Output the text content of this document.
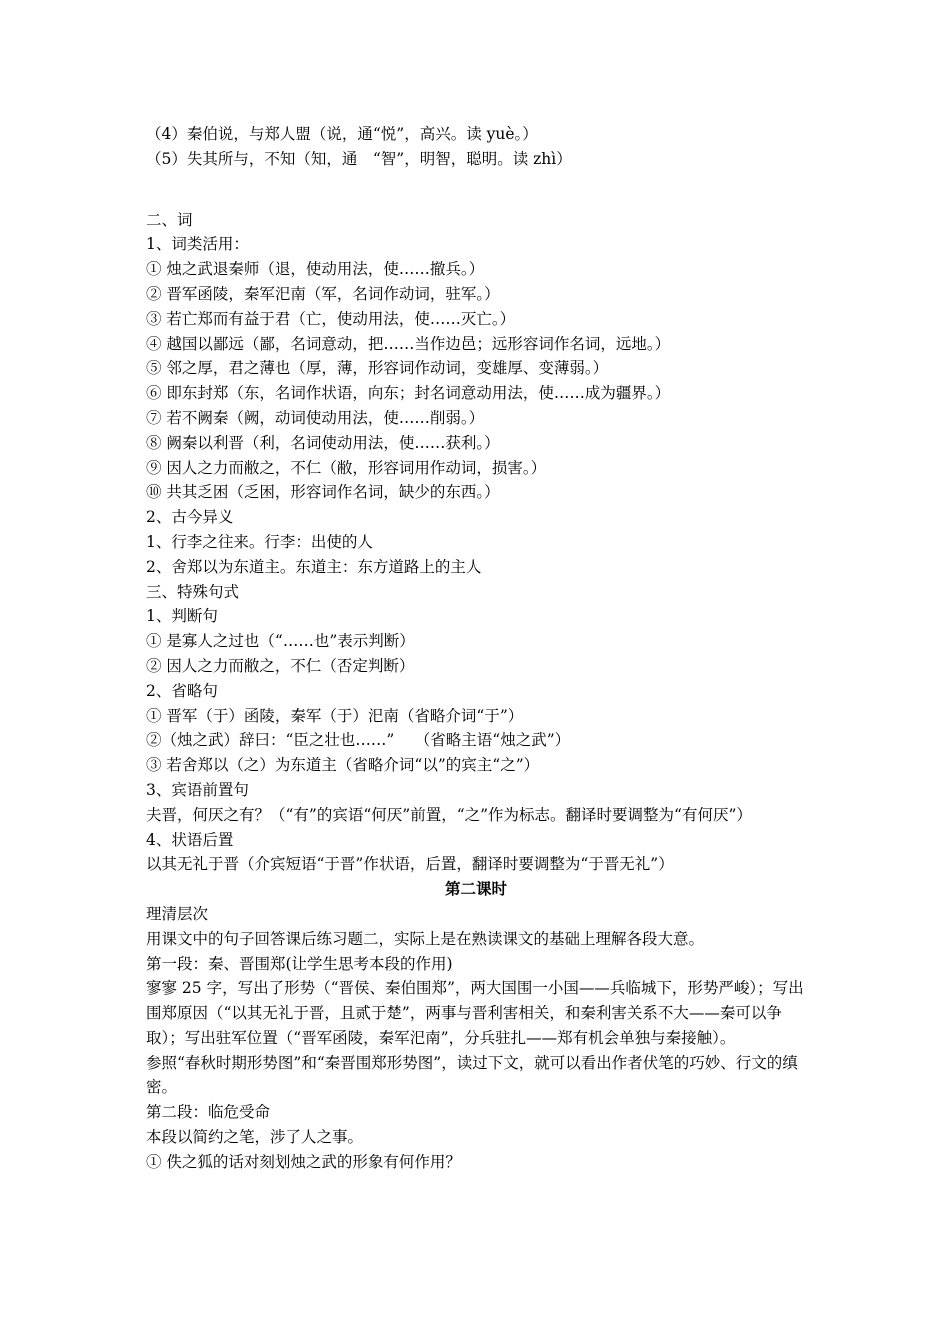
（4）秦伯说，与郑人盟（说，通“悦”，高兴。读 yuè。）
（5）失其所与，不知（知，通　“智”，明智，聪明。读 zhì）
二、词
1、词类活用：
① 烛之武退秦师（退，使动用法，使……撤兵。）
② 晋军函陵，秦军汜南（军，名词作动词，驻军。）
③ 若亡郑而有益于君（亡，使动用法，使……灭亡。）
④ 越国以鄙远（鄙，名词意动，把……当作边邑；远形容词作名词，远地。）
⑤ 邻之厚，君之薄也（厚，薄，形容词作动词，变雄厚、变薄弱。）
⑥ 即东封郑（东，名词作状语，向东；封名词意动用法，使……成为疆界。）
⑦ 若不阙秦（阙，动词使动用法，使……削弱。）
⑧ 阙秦以利晋（利，名词使动用法，使……获利。）
⑨ 因人之力而敝之，不仁（敝，形容词用作动词，损害。）
⑩ 共其乏困（乏困，形容词作名词，缺少的东西。）
2、古今异义
1、行李之往来。行李：出使的人
2、舍郑以为东道主。东道主：东方道路上的主人
三、特殊句式
1、判断句
① 是寡人之过也（“……也”表示判断）
② 因人之力而敝之，不仁（否定判断）
2、省略句
① 晋军（于）函陵，秦军（于）汜南（省略介词“于”）
②（烛之武）辞曰：“臣之壮也……”　 （省略主语“烛之武”）
③ 若舍郑以（之）为东道主（省略介词“以”的宾主“之”）
3、宾语前置句
夫晋，何厌之有？（“有”的宾语“何厌”前置，“之”作为标志。翻译时要调整为“有何厌”）
4、状语后置
以其无礼于晋（介宾短语“于晋”作状语，后置，翻译时要调整为“于晋无礼”）
第二课时
理清层次
用课文中的句子回答课后练习题二，实际上是在熟读课文的基础上理解各段大意。
第一段：秦、晋围郑(让学生思考本段的作用)
寥寥 25 字，写出了形势（“晋侯、秦伯围郑”，两大国围一小国——兵临城下，形势严峻）；写出围郑原因（“以其无礼于晋，且贰于楚”，两事与晋利害相关，和秦利害关系不大——秦可以争取）；写出驻军位置（“晋军函陵，秦军汜南”，分兵驻扎——郑有机会单独与秦接触）。
参照“春秋时期形势图”和“秦晋围郑形势图”，读过下文，就可以看出作者伏笔的巧妙、行文的缜密。
第二段：临危受命
本段以简约之笔，涉了人之事。
① 佚之狐的话对刻划烛之武的形象有何作用？
